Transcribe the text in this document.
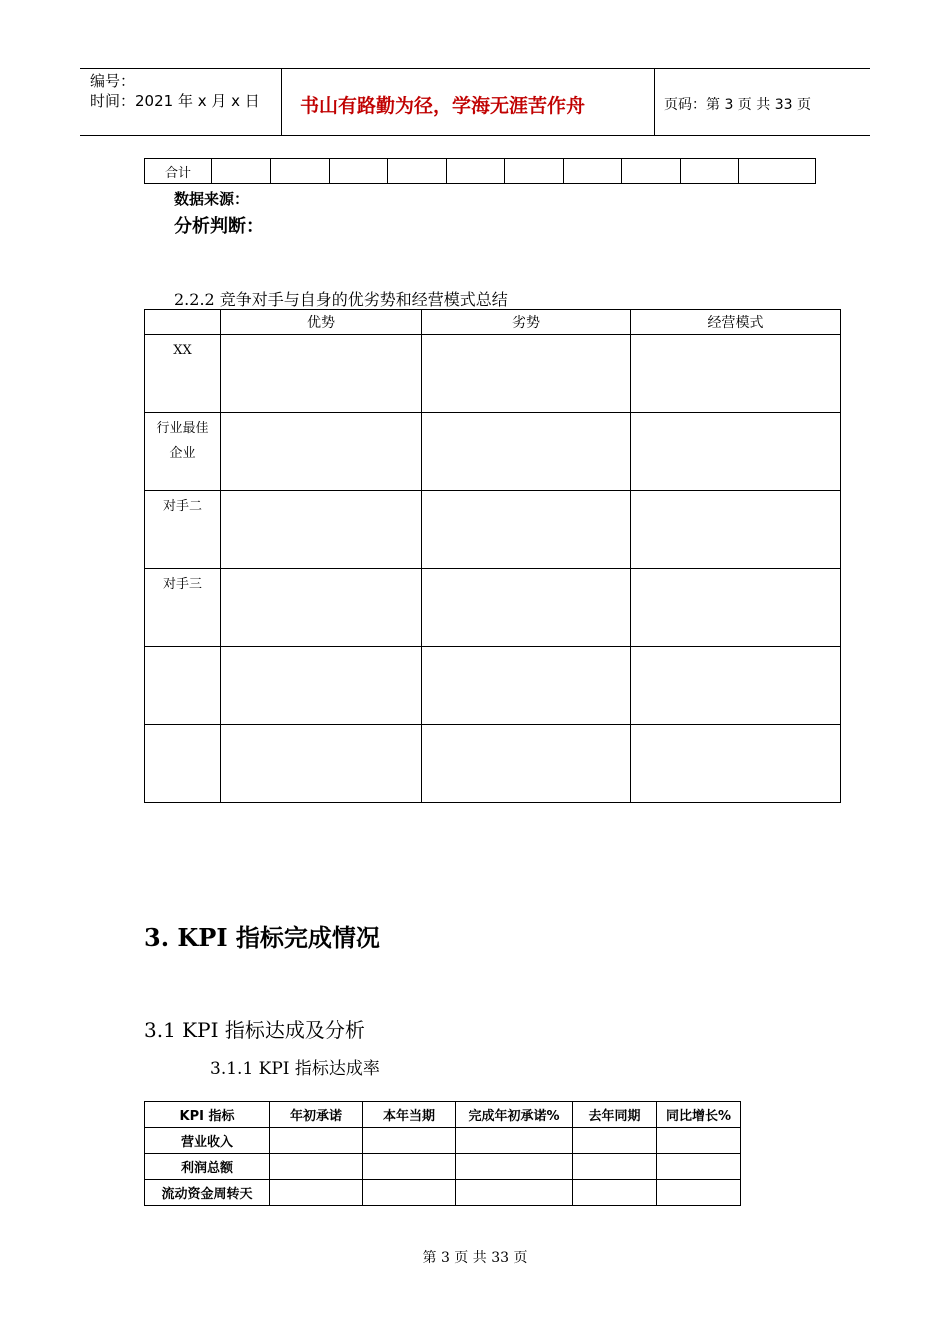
编号：
时间：2021 年 x 月 x 日 书山有路勤为径，学海无涯苦作舟	页码：第 3 页 共 33 页
合计										
数据来源：
分析判断：
2.2.2 竞争对手与自身的优劣势和经营模式总结
	优势	劣势	经营模式
XX			
行业最佳企业			
对手二			
对手三			

3. KPI 指标完成情况
3.1 KPI 指标达成及分析
3.1.1 KPI 指标达成率
KPI 指标	年初承诺	本年当期	完成年初承诺%	去年同期	同比增长%
营业收入					
利润总额					
流动资金周转天					
第 3 页 共 33 页
